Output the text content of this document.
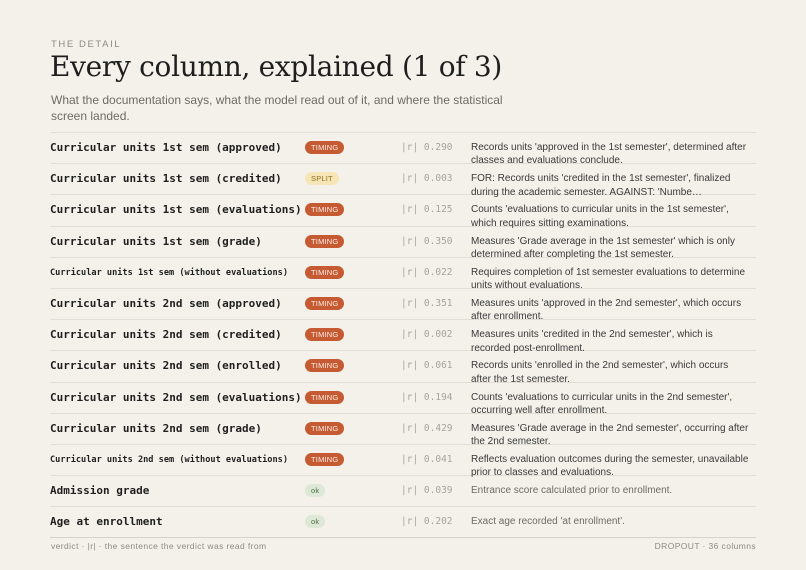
THE DETAIL
Every column, explained (1 of 3)
What the documentation says, what the model read out of it, and where the statistical screen landed.
Curricular units 1st sem (approved)	TIMING	|r| 0.290 Records units 'approved in the 1st semester', determined after classes and evaluations conclude.
Curricular units 1st sem (credited)	SPLIT	|r| 0.003 FOR: Records units 'credited in the 1st semester', finalized during the academic semester. AGAINST: 'Numbe…
Curricular units 1st sem (evaluations)	TIMING	|r| 0.125 Counts 'evaluations to curricular units in the 1st semester', which requires sitting examinations.
Curricular units 1st sem (grade)	TIMING	|r| 0.350 Measures 'Grade average in the 1st semester' which is only determined after completing the 1st semester.
Curricular units 1st sem (without evaluations)	TIMING	|r| 0.022 Requires completion of 1st semester evaluations to determine units without evaluations.
Curricular units 2nd sem (approved)	TIMING	|r| 0.351 Measures units 'approved in the 2nd semester', which occurs after enrollment.
Curricular units 2nd sem (credited)	TIMING	|r| 0.002 Measures units 'credited in the 2nd semester', which is recorded post-enrollment.
Curricular units 2nd sem (enrolled)	TIMING	|r| 0.061 Records units 'enrolled in the 2nd semester', which occurs after the 1st semester.
Curricular units 2nd sem (evaluations)	TIMING	|r| 0.194 Counts 'evaluations to curricular units in the 2nd semester', occurring well after enrollment.
Curricular units 2nd sem (grade)	TIMING	|r| 0.429 Measures 'Grade average in the 2nd semester', occurring after the 2nd semester.
Curricular units 2nd sem (without evaluations)	TIMING	|r| 0.041 Reflects evaluation outcomes during the semester, unavailable prior to classes and evaluations.
Admission grade	ok	|r| 0.039 Entrance score calculated prior to enrollment.
Age at enrollment	ok	|r| 0.202 Exact age recorded 'at enrollment'.
verdict · |r| · the sentence the verdict was read from	DROPOUT · 36 columns
